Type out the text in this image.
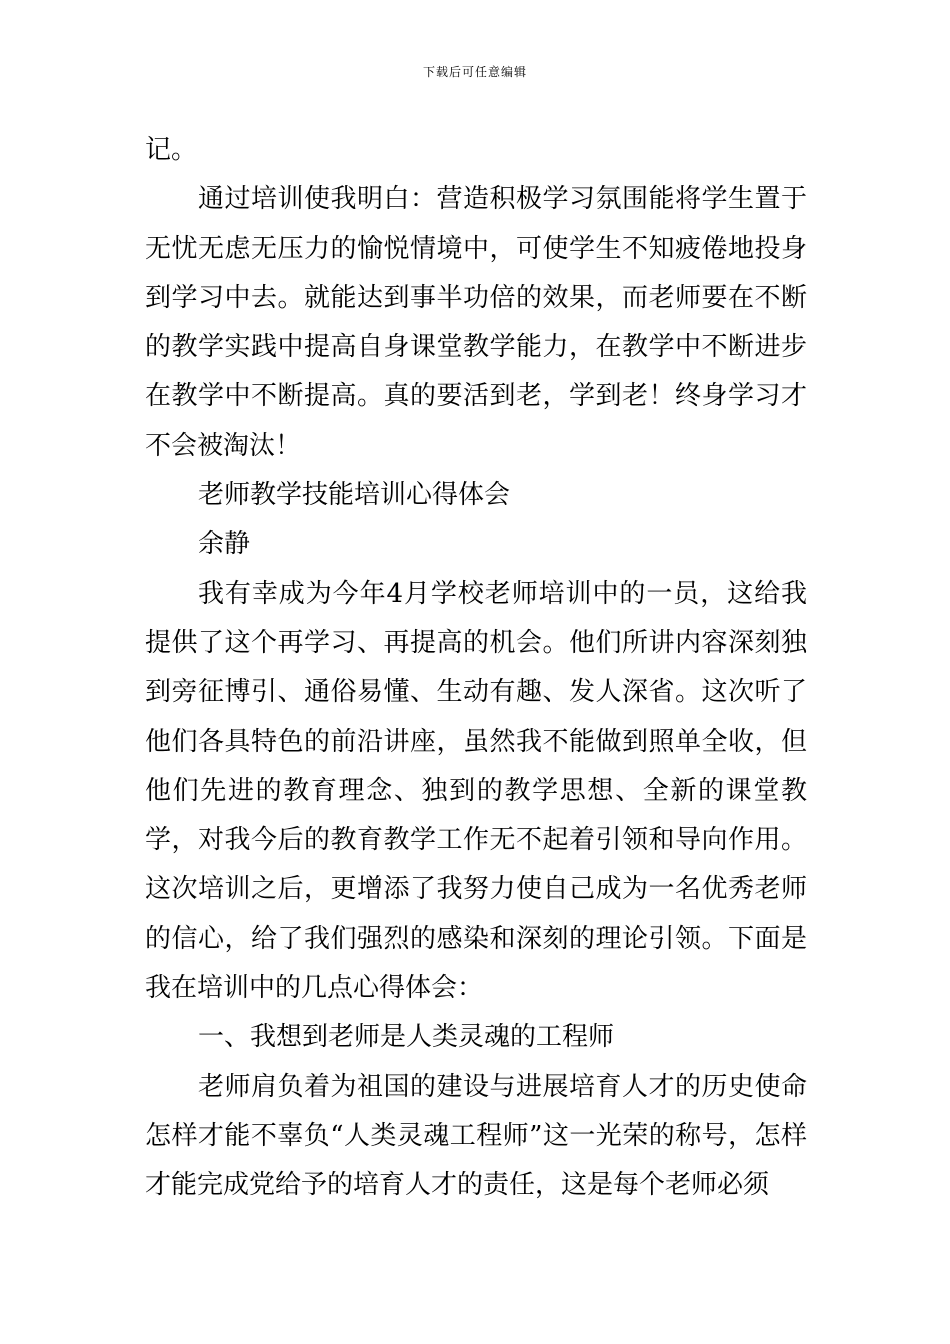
下载后可任意编辑

记。

通过培训使我明白：营造积极学习氛围能将学生置于无忧无虑无压力的愉悦情境中，可使学生不知疲倦地投身到学习中去。就能达到事半功倍的效果，而老师要在不断的教学实践中提高自身课堂教学能力，在教学中不断进步在教学中不断提高。真的要活到老，学到老！终身学习才不会被淘汰！

老师教学技能培训心得体会

余静

我有幸成为今年4月学校老师培训中的一员，这给我提供了这个再学习、再提高的机会。他们所讲内容深刻独到旁征博引、通俗易懂、生动有趣、发人深省。这次听了他们各具特色的前沿讲座，虽然我不能做到照单全收，但他们先进的教育理念、独到的教学思想、全新的课堂教学，对我今后的教育教学工作无不起着引领和导向作用。这次培训之后，更增添了我努力使自己成为一名优秀老师的信心，给了我们强烈的感染和深刻的理论引领。下面是我在培训中的几点心得体会：

一、我想到老师是人类灵魂的工程师

老师肩负着为祖国的建设与进展培育人才的历史使命怎样才能不辜负“人类灵魂工程师”这一光荣的称号，怎样才能完成党给予的培育人才的责任，这是每个老师必须
